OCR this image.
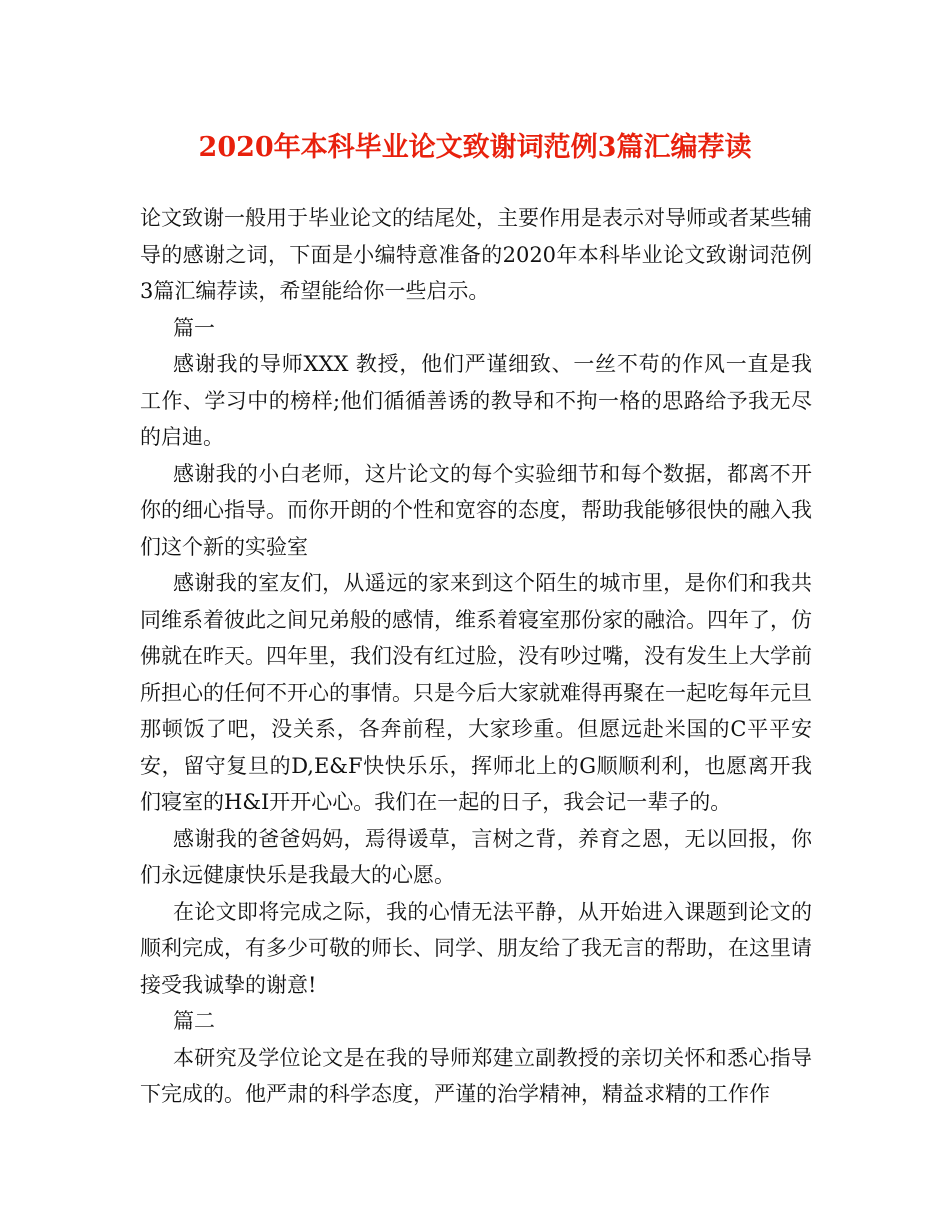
2020年本科毕业论文致谢词范例3篇汇编荐读

论文致谢一般用于毕业论文的结尾处，主要作用是表示对导师或者某些辅导的感谢之词，下面是小编特意准备的2020年本科毕业论文致谢词范例3篇汇编荐读，希望能给你一些启示。

篇一

感谢我的导师XXX 教授，他们严谨细致、一丝不苟的作风一直是我工作、学习中的榜样;他们循循善诱的教导和不拘一格的思路给予我无尽的启迪。

感谢我的小白老师，这片论文的每个实验细节和每个数据，都离不开你的细心指导。而你开朗的个性和宽容的态度，帮助我能够很快的融入我们这个新的实验室

感谢我的室友们，从遥远的家来到这个陌生的城市里，是你们和我共同维系着彼此之间兄弟般的感情，维系着寝室那份家的融洽。四年了，仿佛就在昨天。四年里，我们没有红过脸，没有吵过嘴，没有发生上大学前所担心的任何不开心的事情。只是今后大家就难得再聚在一起吃每年元旦那顿饭了吧，没关系，各奔前程，大家珍重。但愿远赴米国的C平平安安，留守复旦的D,E&F快快乐乐，挥师北上的G顺顺利利，也愿离开我们寝室的H&I开开心心。我们在一起的日子，我会记一辈子的。

感谢我的爸爸妈妈，焉得谖草，言树之背，养育之恩，无以回报，你们永远健康快乐是我最大的心愿。

在论文即将完成之际，我的心情无法平静，从开始进入课题到论文的顺利完成，有多少可敬的师长、同学、朋友给了我无言的帮助，在这里请接受我诚挚的谢意!

篇二

本研究及学位论文是在我的导师郑建立副教授的亲切关怀和悉心指导下完成的。他严肃的科学态度，严谨的治学精神，精益求精的工作作
